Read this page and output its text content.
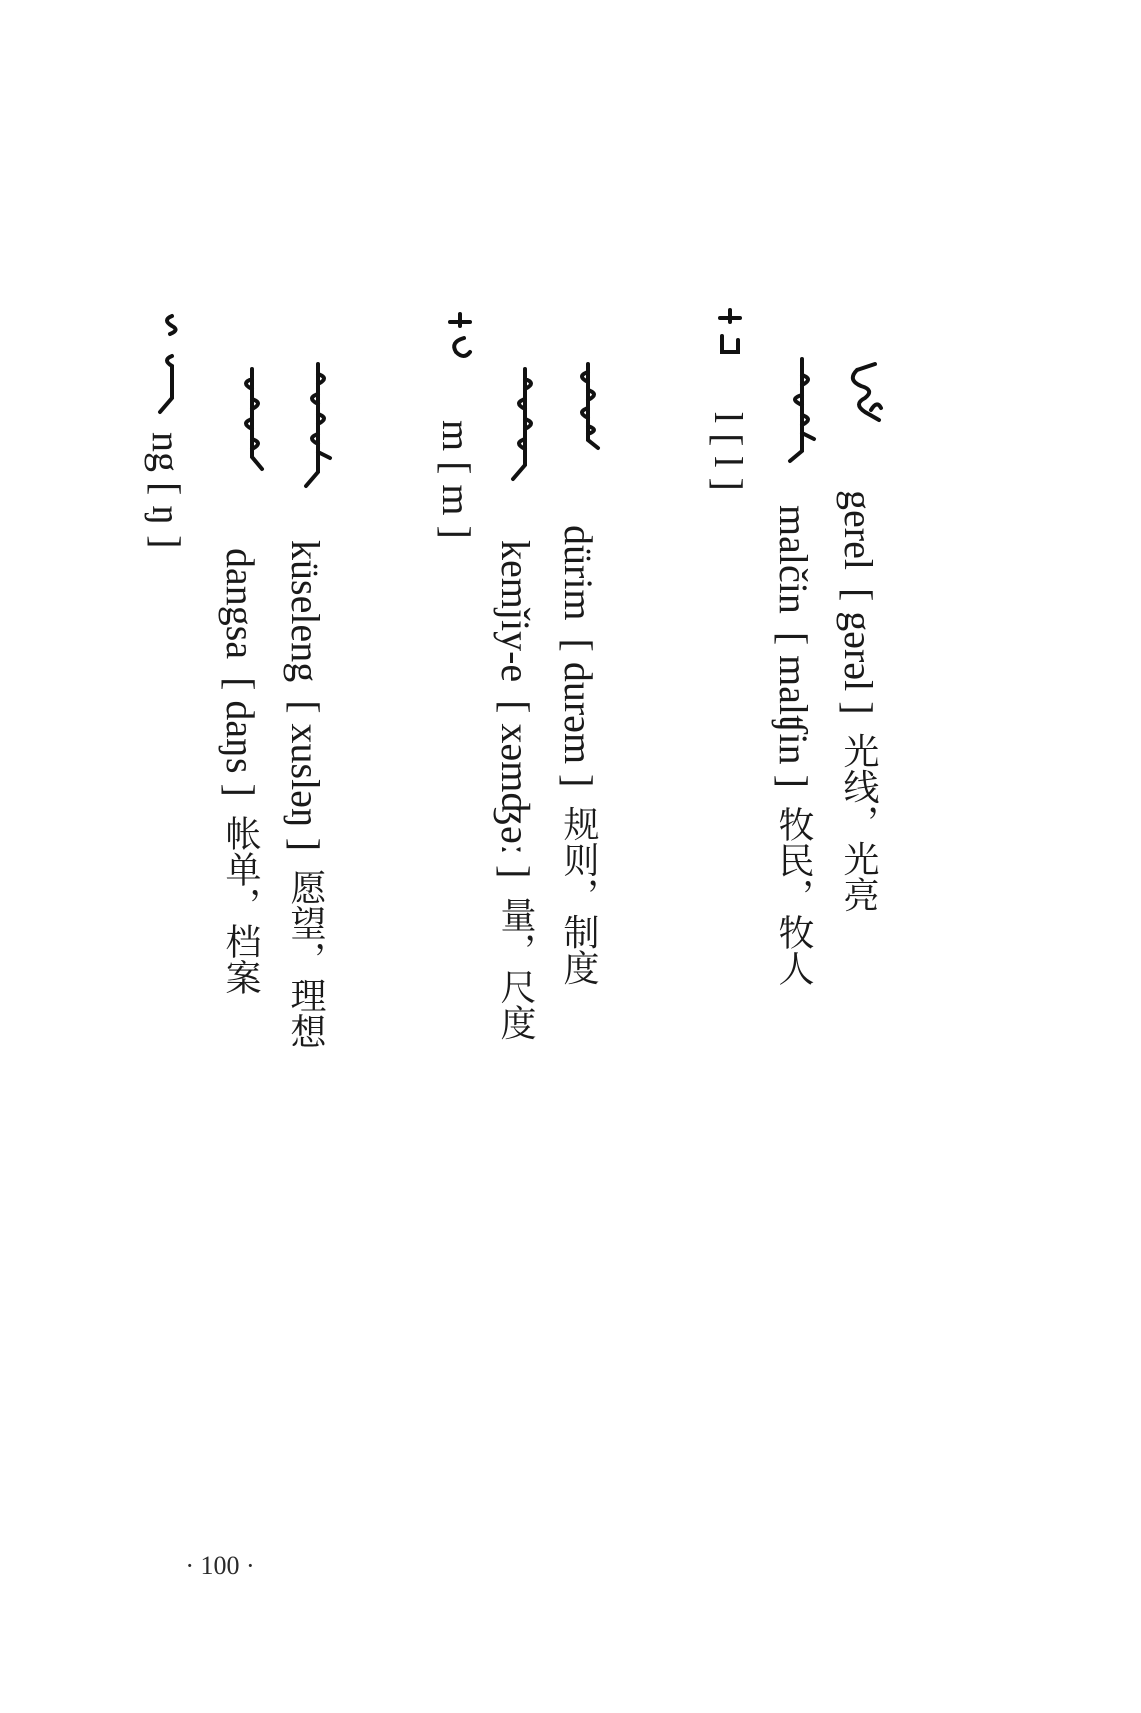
gerel[ gərəl ]光线，光亮
malčin[ malʧin ]牧民，牧人
l [ l ]
dürim[ durəm ]规则，制度
kemǰiy-e[ xəmʤəː ]量，尺度
m [ m ]
küseleng[ xusləŋ ]愿望，理想
dangsa[ daŋs ]帐单，档案
ng [ ŋ ]
· 100 ·
